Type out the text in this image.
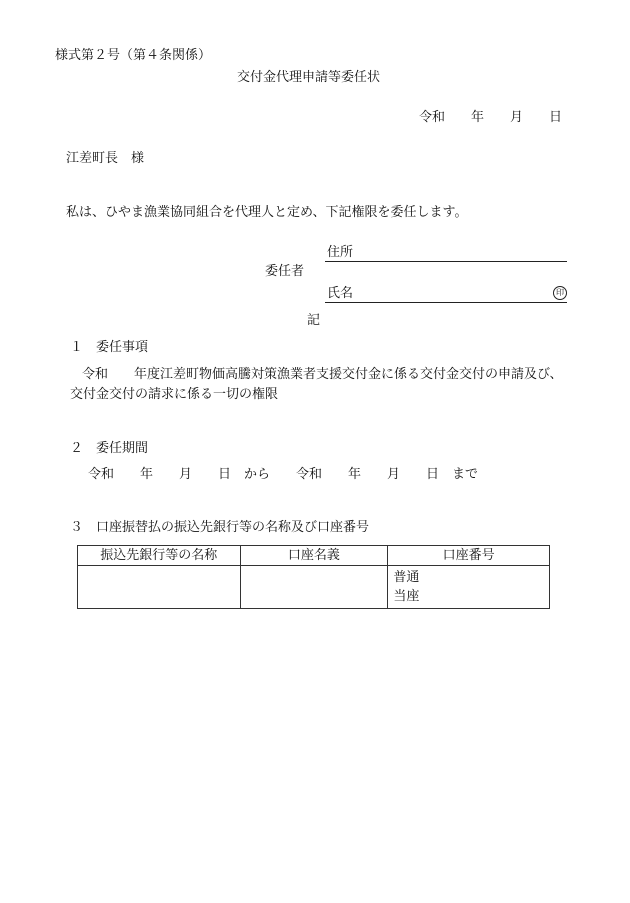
様式第２号（第４条関係）
交付金代理申請等委任状
令和 年 月 日
江差町長　様
私は、ひやま漁業協同組合を代理人と定め、下記権限を委任します。
住所
委任者
氏名	印
記
１　委任事項
令和　　年度江差町物価高騰対策漁業者支援交付金に係る交付金交付の申請及び、
交付金交付の請求に係る一切の権限
２　委任期間
令和　　年　　月　　日　から　　令和　　年　　月　　日　まで
３　口座振替払の振込先銀行等の名称及び口座番号
振込先銀行等の名称	口座名義	口座番号

		普通
当座
